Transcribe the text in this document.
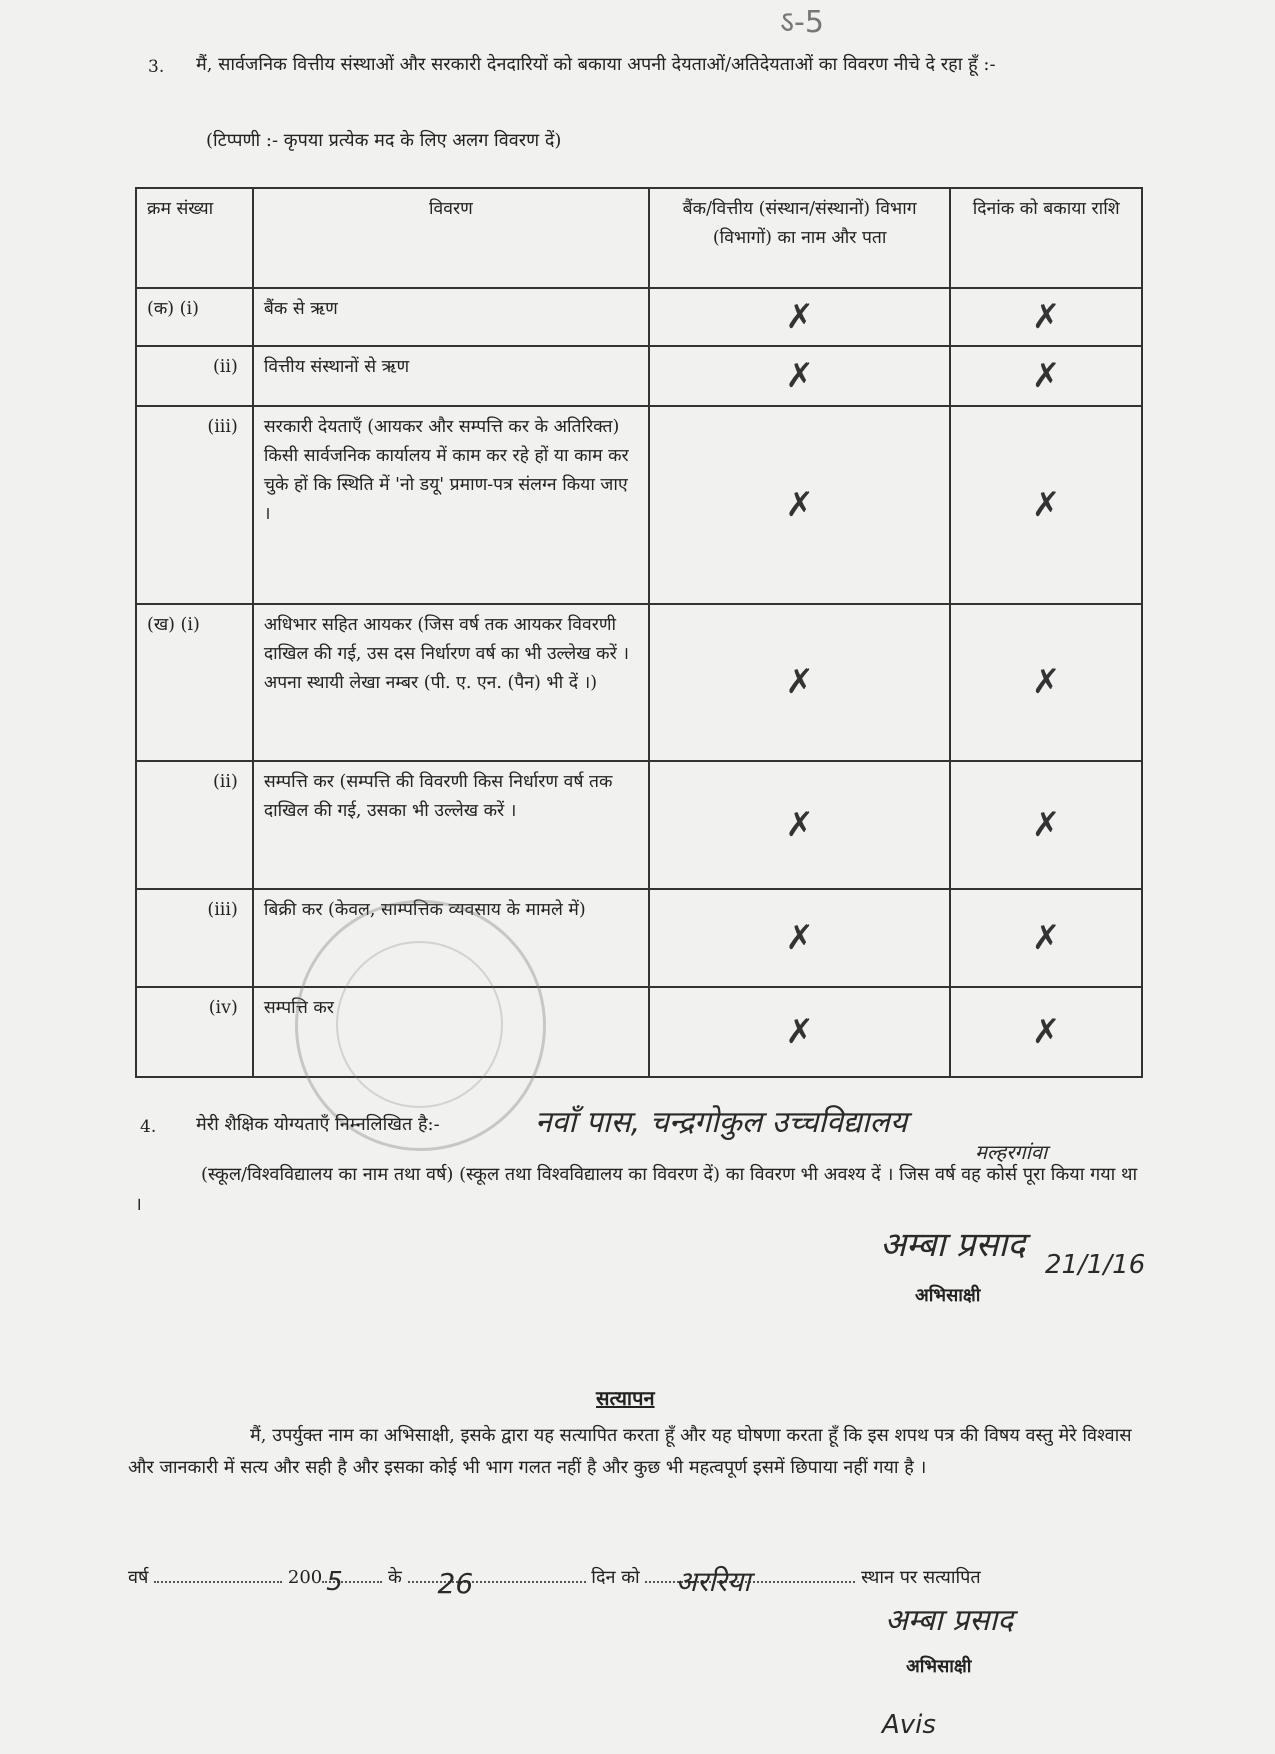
ऽ-5
3. मैं, सार्वजनिक वित्तीय संस्थाओं और सरकारी देनदारियों को बकाया अपनी देयताओं/अतिदेयताओं का विवरण नीचे दे रहा हूँ :-
(टिप्पणी :- कृपया प्रत्येक मद के लिए अलग विवरण दें)
क्रम संख्या	विवरण	बैंक/वित्तीय (संस्थान/संस्थानों) विभाग (विभागों) का नाम और पता	दिनांक को बकाया राशि
(क) (i)	बैंक से ऋण	✗	✗
(ii)	वित्तीय संस्थानों से ऋण	✗	✗
(iii)	सरकारी देयताएँ (आयकर और सम्पत्ति कर के अतिरिक्त) किसी सार्वजनिक कार्यालय में काम कर रहे हों या काम कर चुके हों कि स्थिति में 'नो डयू' प्रमाण-पत्र संलग्न किया जाए ।	✗	✗
(ख) (i)	अधिभार सहित आयकर (जिस वर्ष तक आयकर विवरणी दाखिल की गई, उस दस निर्धारण वर्ष का भी उल्लेख करें । अपना स्थायी लेखा नम्बर (पी. ए. एन. (पैन) भी दें ।)	✗	✗
(ii)	सम्पत्ति कर (सम्पत्ति की विवरणी किस निर्धारण वर्ष तक दाखिल की गई, उसका भी उल्लेख करें ।	✗	✗
(iii)	बिक्री कर (केवल, साम्पत्तिक व्यवसाय के मामले में)	✗	✗
(iv)	सम्पत्ति कर	✗	✗
4. मेरी शैक्षिक योग्यताएँ निम्नलिखित है:-	नवाँ पास, चन्द्रगोकुल उच्चविद्यालय
मल्हरगांवा
(स्कूल/विश्वविद्यालय का नाम तथा वर्ष) (स्कूल तथा विश्वविद्यालय का विवरण दें) का विवरण भी अवश्य दें । जिस वर्ष वह कोर्स पूरा किया गया था ।
अम्बा प्रसाद 21/1/16
अभिसाक्षी
सत्यापन
मैं, उपर्युक्त नाम का अभिसाक्षी, इसके द्वारा यह सत्यापित करता हूँ और यह घोषणा करता हूँ कि इस शपथ पत्र की विषय वस्तु मेरे विश्वास और जानकारी में सत्य और सही है और इसका कोई भी भाग गलत नहीं है और कुछ भी महत्वपूर्ण इसमें छिपाया नहीं गया है ।
वर्ष	200 5	के 26	दिन को अररिया	स्थान पर सत्यापित
अम्बा प्रसाद
अभिसाक्षी
Avis
